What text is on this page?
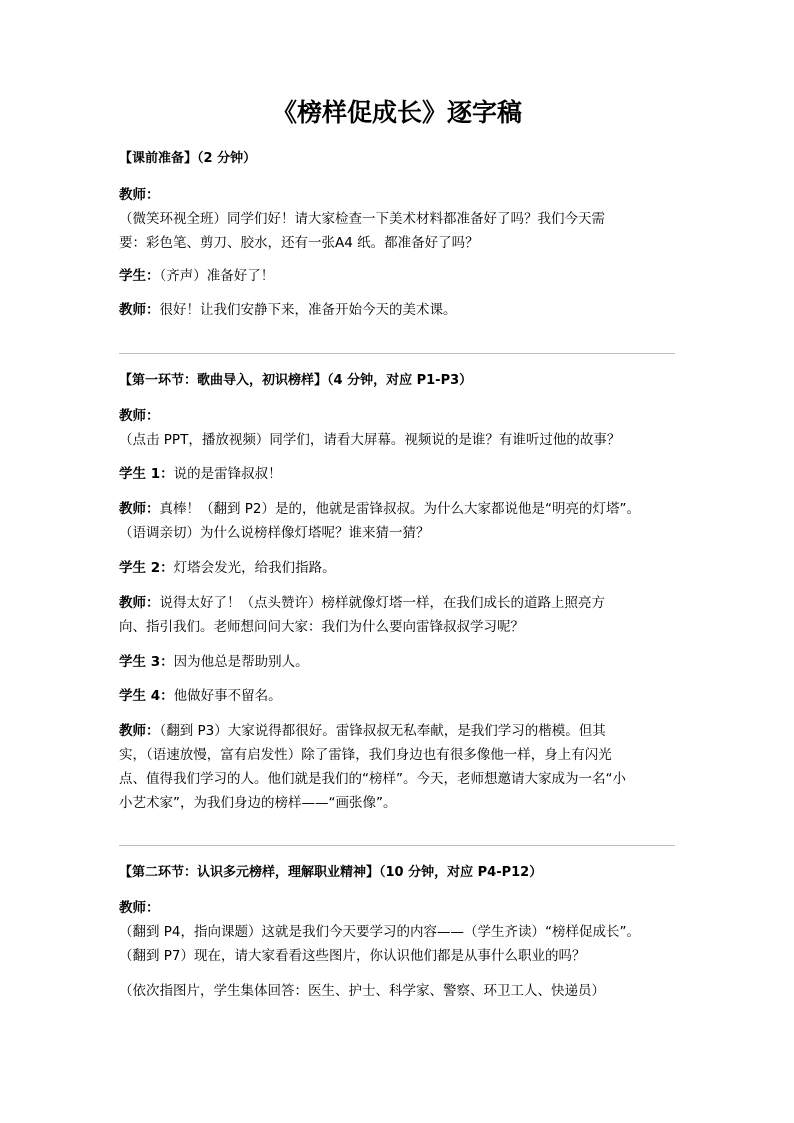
《榜样促成长》逐字稿

【课前准备】（2 分钟）

教师：
（微笑环视全班）同学们好！请大家检查一下美术材料都准备好了吗？我们今天需
要：彩色笔、剪刀、胶水，还有一张A4 纸。都准备好了吗？
学生：（齐声）准备好了！
教师：很好！让我们安静下来，准备开始今天的美术课。

【第一环节：歌曲导入，初识榜样】（4 分钟，对应 P1-P3）

教师：
（点击 PPT，播放视频）同学们，请看大屏幕。视频说的是谁？有谁听过他的故事？
学生 1：说的是雷锋叔叔！
教师：真棒！（翻到 P2）是的，他就是雷锋叔叔。为什么大家都说他是“明亮的灯塔”。
（语调亲切）为什么说榜样像灯塔呢？谁来猜一猜？
学生 2：灯塔会发光，给我们指路。
教师：说得太好了！（点头赞许）榜样就像灯塔一样，在我们成长的道路上照亮方
向、指引我们。老师想问问大家：我们为什么要向雷锋叔叔学习呢？
学生 3：因为他总是帮助别人。
学生 4：他做好事不留名。
教师：（翻到 P3）大家说得都很好。雷锋叔叔无私奉献，是我们学习的楷模。但其
实，（语速放慢，富有启发性）除了雷锋，我们身边也有很多像他一样，身上有闪光
点、值得我们学习的人。他们就是我们的“榜样”。今天，老师想邀请大家成为一名“小
小艺术家”，为我们身边的榜样——“画张像”。

【第二环节：认识多元榜样，理解职业精神】（10 分钟，对应 P4-P12）

教师：
（翻到 P4，指向课题）这就是我们今天要学习的内容——（学生齐读）“榜样促成长”。
（翻到 P7）现在，请大家看看这些图片，你认识他们都是从事什么职业的吗？
（依次指图片，学生集体回答：医生、护士、科学家、警察、环卫工人、快递员）
